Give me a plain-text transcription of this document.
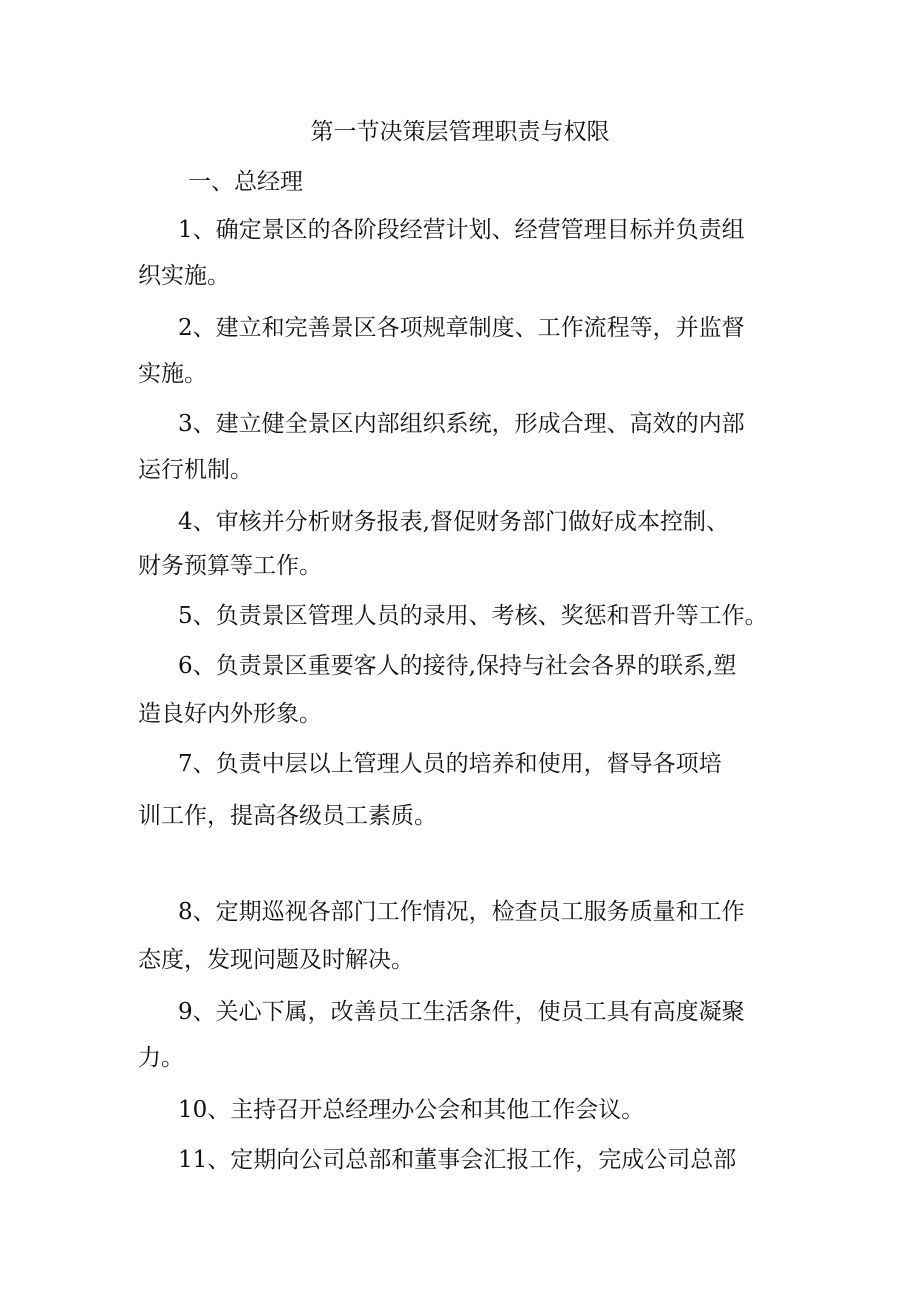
第一节决策层管理职责与权限
一、总经理
1、确定景区的各阶段经营计划、经营管理目标并负责组
织实施。
2、建立和完善景区各项规章制度、工作流程等，并监督
实施。
3、建立健全景区内部组织系统，形成合理、高效的内部
运行机制。
4、审核并分析财务报表,督促财务部门做好成本控制、
财务预算等工作。
5、负责景区管理人员的录用、考核、奖惩和晋升等工作。
6、负责景区重要客人的接待,保持与社会各界的联系,塑
造良好内外形象。
7、负责中层以上管理人员的培养和使用，督导各项培
训工作，提高各级员工素质。
8、定期巡视各部门工作情况，检查员工服务质量和工作
态度，发现问题及时解决。
9、关心下属，改善员工生活条件，使员工具有高度凝聚
力。
10、主持召开总经理办公会和其他工作会议。
11、定期向公司总部和董事会汇报工作，完成公司总部
